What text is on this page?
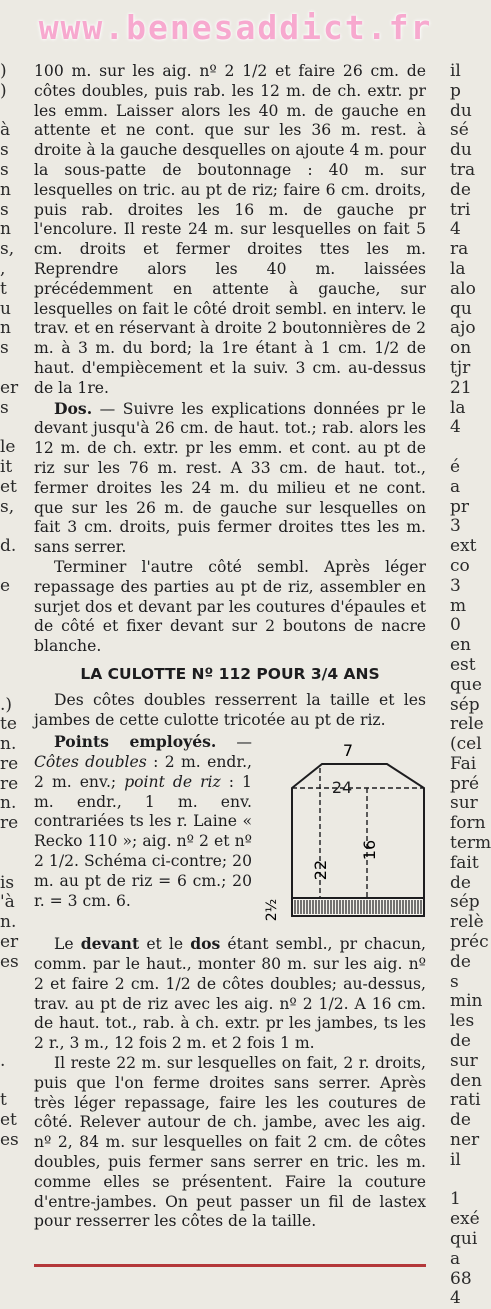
www.benesaddict.fr
)
)
à
s
s
n
s
n
s,
,
t
u
n
s
er
s
le
it
et
s,
d.
e
.)
te
n.
re
re
n.
re
is
'à
n.
er
es
.
t
et
es
il
p
du
sé
du
tra
de
tri
4
ra
la
alo
qu
ajo
on
tjr
21
la
4
é
a
pr
3
ext
co
3
m
0
en
est
que
sép
rele
(cel
Fai
pré
sur
forn
term
fait
de
sép
relè
préc
de
s
min
les
de
sur
den
rati
de
ner
il
1
exé
qui
a
68
4

100 m. sur les aig. nº 2 1/2 et faire 26 cm. de côtes doubles, puis rab. les 12 m. de ch. extr. pr les emm. Laisser alors les 40 m. de gauche en attente et ne cont. que sur les 36 m. rest. à droite à la gauche desquelles on ajoute 4 m. pour la sous-patte de boutonnage : 40 m. sur lesquelles on tric. au pt de riz; faire 6 cm. droits, puis rab. droites les 16 m. de gauche pr l'encolure. Il reste 24 m. sur lesquelles on fait 5 cm. droits et fermer droites ttes les m. Reprendre alors les 40 m. laissées précédemment en attente à gauche, sur lesquelles on fait le côté droit sembl. en interv. le trav. et en réservant à droite 2 boutonnières de 2 m. à 3 m. du bord; la 1re étant à 1 cm. 1/2 de haut. d'empiècement et la suiv. 3 cm. au-dessus de la 1re.

Dos. — Suivre les explications données pr le devant jusqu'à 26 cm. de haut. tot.; rab. alors les 12 m. de ch. extr. pr les emm. et cont. au pt de riz sur les 76 m. rest. A 33 cm. de haut. tot., fermer droites les 24 m. du milieu et ne cont. que sur les 26 m. de gauche sur lesquelles on fait 3 cm. droits, puis fermer droites ttes les m. sans serrer.

Terminer l'autre côté sembl. Après léger repassage des parties au pt de riz, assembler en surjet dos et devant par les coutures d'épaules et de côté et fixer devant sur 2 boutons de nacre blanche.

LA CULOTTE Nº 112 POUR 3/4 ANS

Des côtes doubles resserrent la taille et les jambes de cette culotte tricotée au pt de riz.

Points employés. — Côtes doubles : 2 m. endr., 2 m. env.; point de riz : 1 m. endr., 1 m. env. contrariées ts les r. Laine « Recko 110 »; aig. nº 2 et nº 2 1/2. Schéma ci-contre; 20 m. au pt de riz = 6 cm.; 20 r. = 3 cm. 6.

7
24
22
16
2½

Le devant et le dos étant sembl., pr chacun, comm. par le haut., monter 80 m. sur les aig. nº 2 et faire 2 cm. 1/2 de côtes doubles; au-dessus, trav. au pt de riz avec les aig. nº 2 1/2. A 16 cm. de haut. tot., rab. à ch. extr. pr les jambes, ts les 2 r., 3 m., 12 fois 2 m. et 2 fois 1 m.

Il reste 22 m. sur lesquelles on fait, 2 r. droits, puis que l'on ferme droites sans serrer. Après très léger repassage, faire les les coutures de côté. Relever autour de ch. jambe, avec les aig. nº 2, 84 m. sur lesquelles on fait 2 cm. de côtes doubles, puis fermer sans serrer en tric. les m. comme elles se présentent. Faire la couture d'entre-jambes. On peut passer un fil de lastex pour resserrer les côtes de la taille.
